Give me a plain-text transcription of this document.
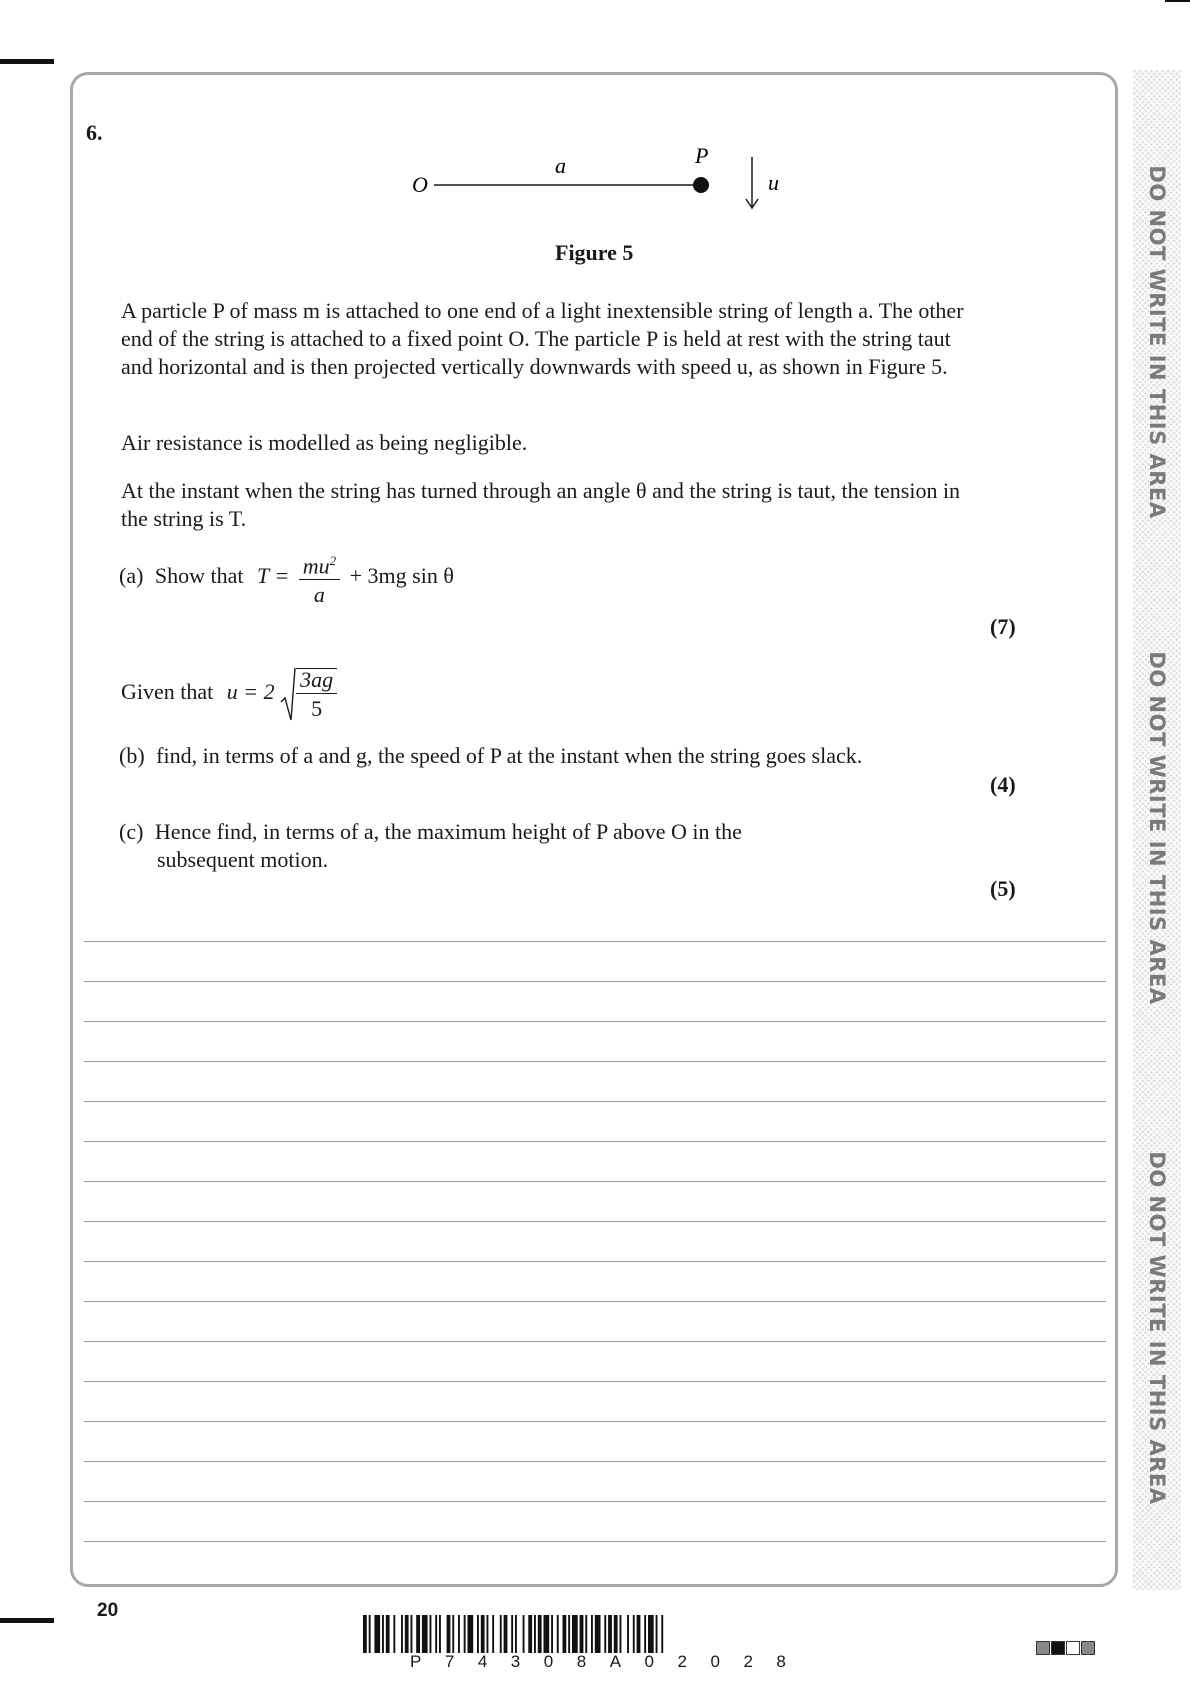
6.
O
a	P
u
Figure 5

A particle P of mass m is attached to one end of a light inextensible string of length a. The other end of the string is attached to a fixed point O. The particle P is held at rest with the string taut and horizontal and is then projected vertically downwards with speed u, as shown in Figure 5.

Air resistance is modelled as being negligible.

At the instant when the string has turned through an angle θ and the string is taut, the tension in the string is T.

(a) Show that $T = \frac{mu^2}{a} + 3mg$ sin θ
(7)
Given that $u = 2 \frac{3ag}{5}$
(b) find, in terms of a and g, the speed of P at the instant when the string goes slack.
(4)
(c) Hence find, in terms of a, the maximum height of P above O in the
subsequent motion.
(5)
DO NOT WRITE IN THIS AREA
DO NOT WRITE IN THIS AREA
DO NOT WRITE IN THIS AREA
20
P 7 4 3 0 8 A 0 2 0 2 8
